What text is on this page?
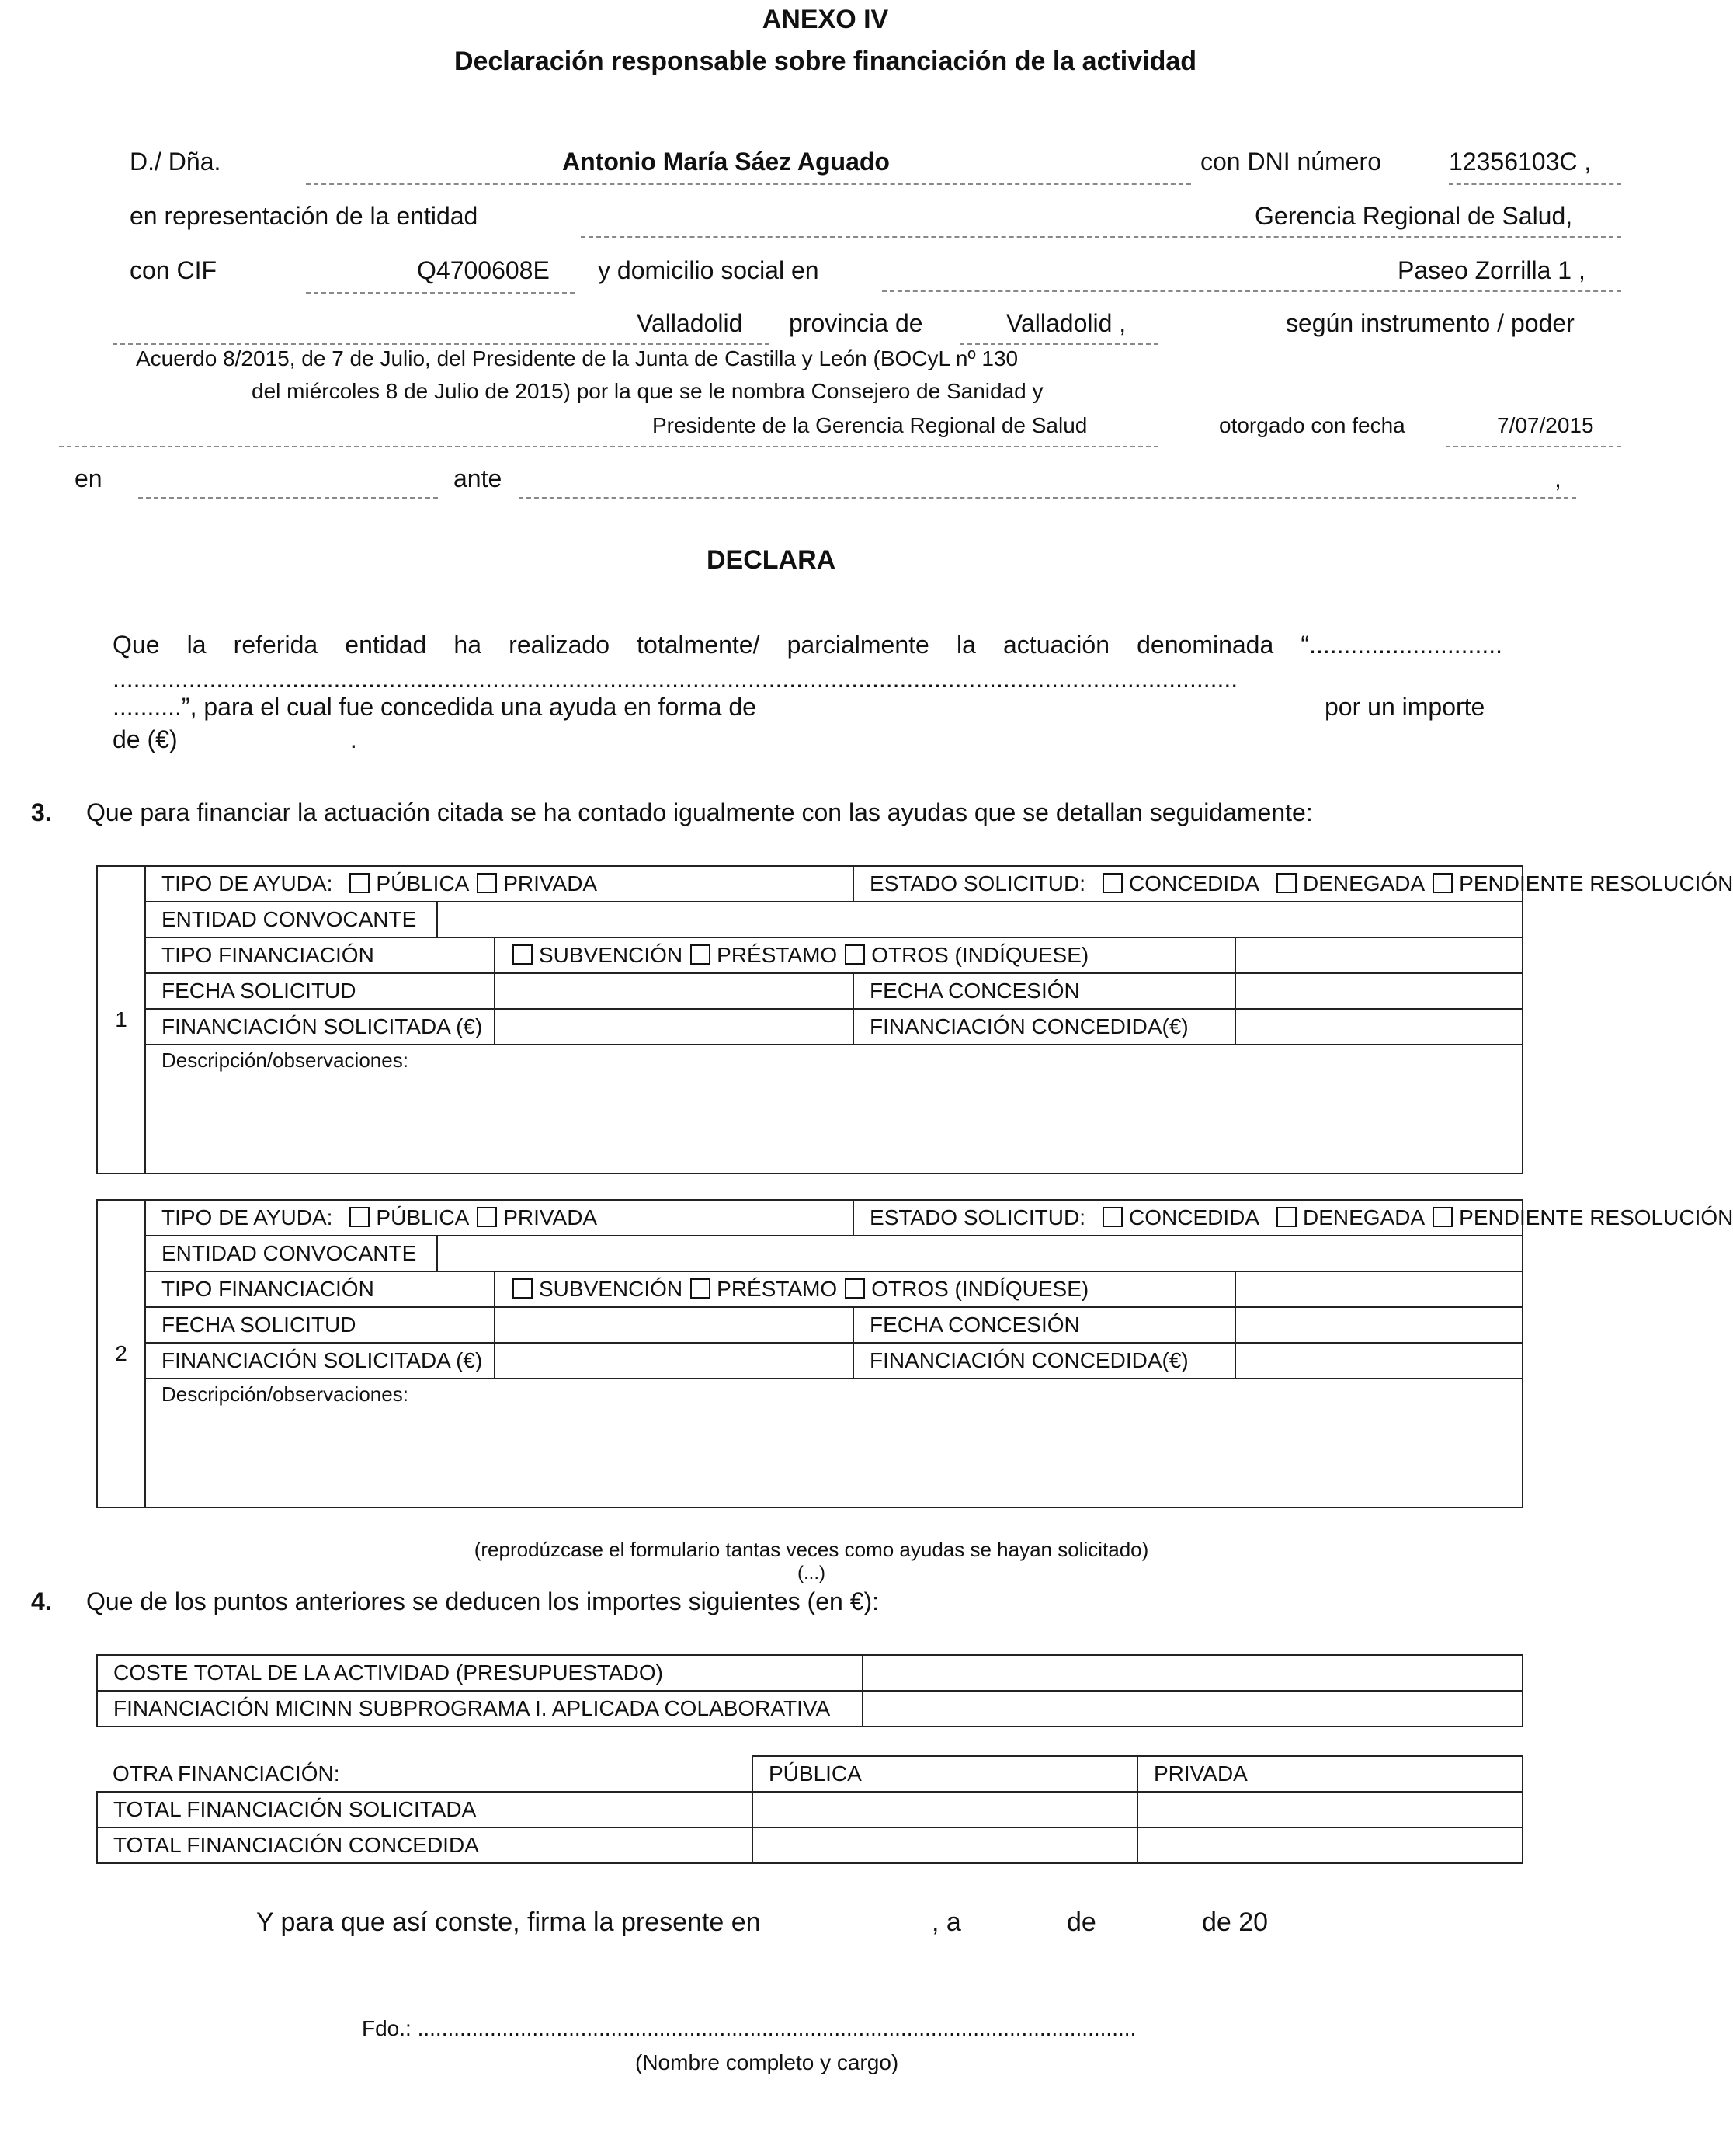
ANEXO IV
Declaración responsable sobre financiación de la actividad
D./ Dña.	Antonio María Sáez Aguado	con DNI número	12356103C ,
en representación de la entidad	Gerencia Regional de Salud,
con CIF	Q4700608E y domicilio social en	Paseo Zorrilla 1 ,
Valladolid provincia de	Valladolid ,	según instrumento / poder
Acuerdo 8/2015, de 7 de Julio, del Presidente de la Junta de Castilla y León (BOCyL nº 130
del miércoles 8 de Julio de 2015) por la que se le nombra Consejero de Sanidad y
Presidente de la Gerencia Regional de Salud	otorgado con fecha	7/07/2015
en	ante	,
DECLARA
Que la referida entidad ha realizado totalmente/ parcialmente la actuación denominada “............................
...................................................................................................................................................................
..........”, para el cual fue concedida una ayuda en forma de	por un importe
de (€)                         .
3. Que para financiar la actuación citada se ha contado igualmente con las ayudas que se detallan seguidamente:
1	TIPO DE AYUDA: PÚBLICA PRIVADA			ESTADO SOLICITUD: CONCEDIDA DENEGADA PENDIENTE RESOLUCIÓN	
	ENTIDAD CONVOCANTE				
	TIPO FINANCIACIÓN		SUBVENCIÓN PRÉSTAMO OTROS (INDÍQUESE)		
	FECHA SOLICITUD			FECHA CONCESIÓN	
	FINANCIACIÓN SOLICITADA (€)			FINANCIACIÓN CONCEDIDA(€)	
	Descripción/observaciones:				
2	TIPO DE AYUDA: PÚBLICA PRIVADA			ESTADO SOLICITUD: CONCEDIDA DENEGADA PENDIENTE RESOLUCIÓN	
	ENTIDAD CONVOCANTE				
	TIPO FINANCIACIÓN		SUBVENCIÓN PRÉSTAMO OTROS (INDÍQUESE)		
	FECHA SOLICITUD			FECHA CONCESIÓN	
	FINANCIACIÓN SOLICITADA (€)			FINANCIACIÓN CONCEDIDA(€)	
	Descripción/observaciones:				
(reprodúzcase el formulario tantas veces como ayudas se hayan solicitado)
(...)
4. Que de los puntos anteriores se deducen los importes siguientes (en €):
COSTE TOTAL DE LA ACTIVIDAD (PRESUPUESTADO)	
FINANCIACIÓN MICINN SUBPROGRAMA I. APLICADA COLABORATIVA	
OTRA FINANCIACIÓN:	PÚBLICA	PRIVADA
TOTAL FINANCIACIÓN SOLICITADA		
TOTAL FINANCIACIÓN CONCEDIDA		
Y para que así conste, firma la presente en	, a	de	de 20
Fdo.: .......................................................................................................................
(Nombre completo y cargo)
